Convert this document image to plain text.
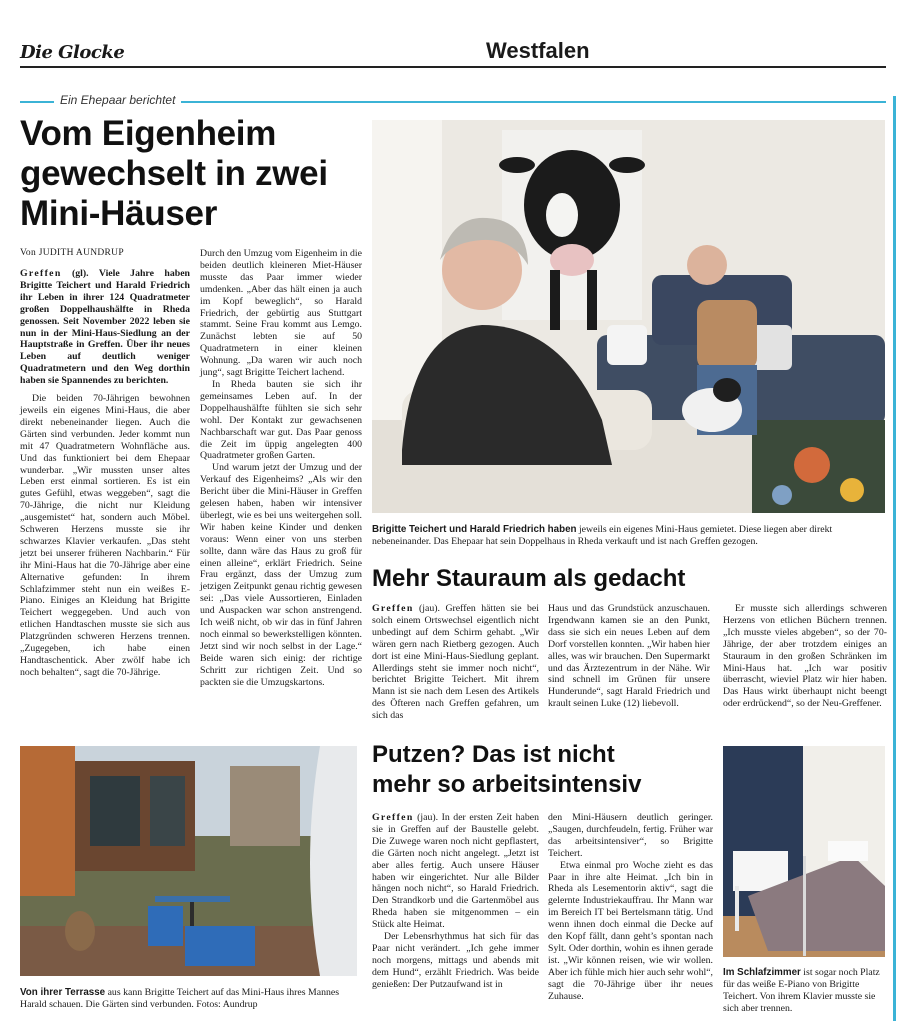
Die Glocke	Westfalen
Ein Ehepaar berichtet
Vom Eigenheim gewechselt in zwei Mini-Häuser
Von JUDITH AUNDRUP

Greffen (gl). Viele Jahre haben Brigitte Teichert und Harald Friedrich ihr Leben in ihrer 124 Quadratmeter großen Doppelhaushälfte in Rheda genossen. Seit November 2022 leben sie nun in der Mini-Haus-Siedlung an der Hauptstraße in Greffen. Über ihr neues Leben auf deutlich weniger Quadratmetern und den Weg dorthin haben sie Spannendes zu berichten.

Die beiden 70-Jährigen bewohnen jeweils ein eigenes Mini-Haus, die aber direkt nebeneinander liegen. Auch die Gärten sind verbunden. Jeder kommt nun mit 47 Quadratmetern Wohnfläche aus. Und das funktioniert bei dem Ehepaar wunderbar. „Wir mussten unser altes Leben erst einmal sortieren. Es ist ein gutes Gefühl, etwas weggeben“, sagt die 70-Jährige, die nicht nur Kleidung „ausgemistet“ hat, sondern auch Möbel. Schweren Herzens musste sie ihr schwarzes Klavier verkaufen. „Das steht jetzt bei unserer früheren Nachbarin.“ Für ihr Mini-Haus hat die 70-Jährige aber eine Alternative gefunden: In ihrem Schlafzimmer steht nun ein weißes E-Piano. Einiges an Kleidung hat Brigitte Teichert weggegeben. Und auch von etlichen Handtaschen musste sie sich aus Platzgründen schweren Herzens trennen. „Zugegeben, ich habe einen Handtaschentick. Aber zwölf habe ich noch behalten“, sagt die 70-Jährige.

Durch den Umzug vom Eigenheim in die beiden deutlich kleineren Miet-Häuser musste das Paar immer wieder umdenken. „Aber das hält einen ja auch im Kopf beweglich“, so Harald Friedrich, der gebürtig aus Stuttgart stammt. Seine Frau kommt aus Lemgo. Zunächst lebten sie auf 50 Quadratmetern in einer kleinen Wohnung. „Da waren wir auch noch jung“, sagt Brigitte Teichert lachend.

In Rheda bauten sie sich ihr gemeinsames Leben auf. In der Doppelhaushälfte fühlten sie sich sehr wohl. Der Kontakt zur gewachsenen Nachbarschaft war gut. Das Paar genoss die Zeit im üppig angelegten 400 Quadratmeter großen Garten.

Und warum jetzt der Umzug und der Verkauf des Eigenheims? „Als wir den Bericht über die Mini-Häuser in Greffen gelesen haben, haben wir intensiver überlegt, wie es bei uns weitergehen soll. Wir haben keine Kinder und denken voraus: Wenn einer von uns sterben sollte, dann wäre das Haus zu groß für einen alleine“, erklärt Friedrich. Seine Frau ergänzt, dass der Umzug zum jetzigen Zeitpunkt genau richtig gewesen sei: „Das viele Aussortieren, Einladen und Auspacken war schon anstrengend. Ich weiß nicht, ob wir das in fünf Jahren noch einmal so bewerkstelligen könnten. Jetzt sind wir noch selbst in der Lage.“ Beide waren sich einig: der richtige Schritt zur richtigen Zeit. Und so packten sie die Umzugskartons.

Brigitte Teichert und Harald Friedrich haben jeweils ein eigenes Mini-Haus gemietet. Diese liegen aber direkt nebeneinander. Das Ehepaar hat sein Doppelhaus in Rheda verkauft und ist nach Greffen gezogen.
Mehr Stauraum als gedacht

Greffen (jau). Greffen hätten sie bei solch einem Ortswechsel eigentlich nicht unbedingt auf dem Schirm gehabt. „Wir wären gern nach Rietberg gezogen. Auch dort ist eine Mini-Haus-Siedlung geplant. Allerdings steht sie immer noch nicht“, berichtet Brigitte Teichert. Mit ihrem Mann ist sie nach dem Lesen des Artikels des Öfteren nach Greffen gefahren, um sich das

Haus und das Grundstück anzuschauen. Irgendwann kamen sie an den Punkt, dass sie sich ein neues Leben auf dem Dorf vorstellen konnten. „Wir haben hier alles, was wir brauchen. Den Supermarkt und das Ärztezentrum in der Nähe. Wir sind schnell im Grünen für unsere Hunderunde“, sagt Harald Friedrich und krault seinen Luke (12) liebevoll.

Er musste sich allerdings schweren Herzens von etlichen Büchern trennen. „Ich musste vieles abgeben“, so der 70-Jährige, der aber trotzdem einiges an Stauraum in den großen Schränken im Mini-Haus hat. „Ich war positiv überrascht, wieviel Platz wir hier haben. Das Haus wirkt überhaupt nicht beengt oder erdrückend“, so der Neu-Greffener.

Von ihrer Terrasse aus kann Brigitte Teichert auf das Mini-Haus ihres Mannes Harald schauen. Die Gärten sind verbunden. Fotos: Aundrup
Putzen? Das ist nicht
mehr so arbeitsintensiv

Greffen (jau). In der ersten Zeit haben sie in Greffen auf der Baustelle gelebt. Die Zuwege waren noch nicht gepflastert, die Gärten noch nicht angelegt. „Jetzt ist aber alles fertig. Auch unsere Häuser haben wir eingerichtet. Nur alle Bilder hängen noch nicht“, so Harald Friedrich. Den Strandkorb und die Gartenmöbel aus Rheda haben sie mitgenommen – ein Stück alte Heimat.

Der Lebensrhythmus hat sich für das Paar nicht verändert. „Ich gehe immer noch morgens, mittags und abends mit dem Hund“, erzählt Friedrich. Was beide genießen: Der Putzaufwand ist in

den Mini-Häusern deutlich geringer. „Saugen, durchfeudeln, fertig. Früher war das arbeitsintensiver“, so Brigitte Teichert.

Etwa einmal pro Woche zieht es das Paar in ihre alte Heimat. „Ich bin in Rheda als Lesementorin aktiv“, sagt die gelernte Industriekauffrau. Ihr Mann war im Bereich IT bei Bertelsmann tätig. Und wenn ihnen doch einmal die Decke auf den Kopf fällt, dann geht’s spontan nach Sylt. Oder dorthin, wohin es ihnen gerade ist. „Wir können reisen, wie wir wollen. Aber ich fühle mich hier auch sehr wohl“, sagt die 70-Jährige über ihr neues Zuhause.

Im Schlafzimmer ist sogar noch Platz für das weiße E-Piano von Brigitte Teichert. Von ihrem Klavier musste sie sich aber trennen.
